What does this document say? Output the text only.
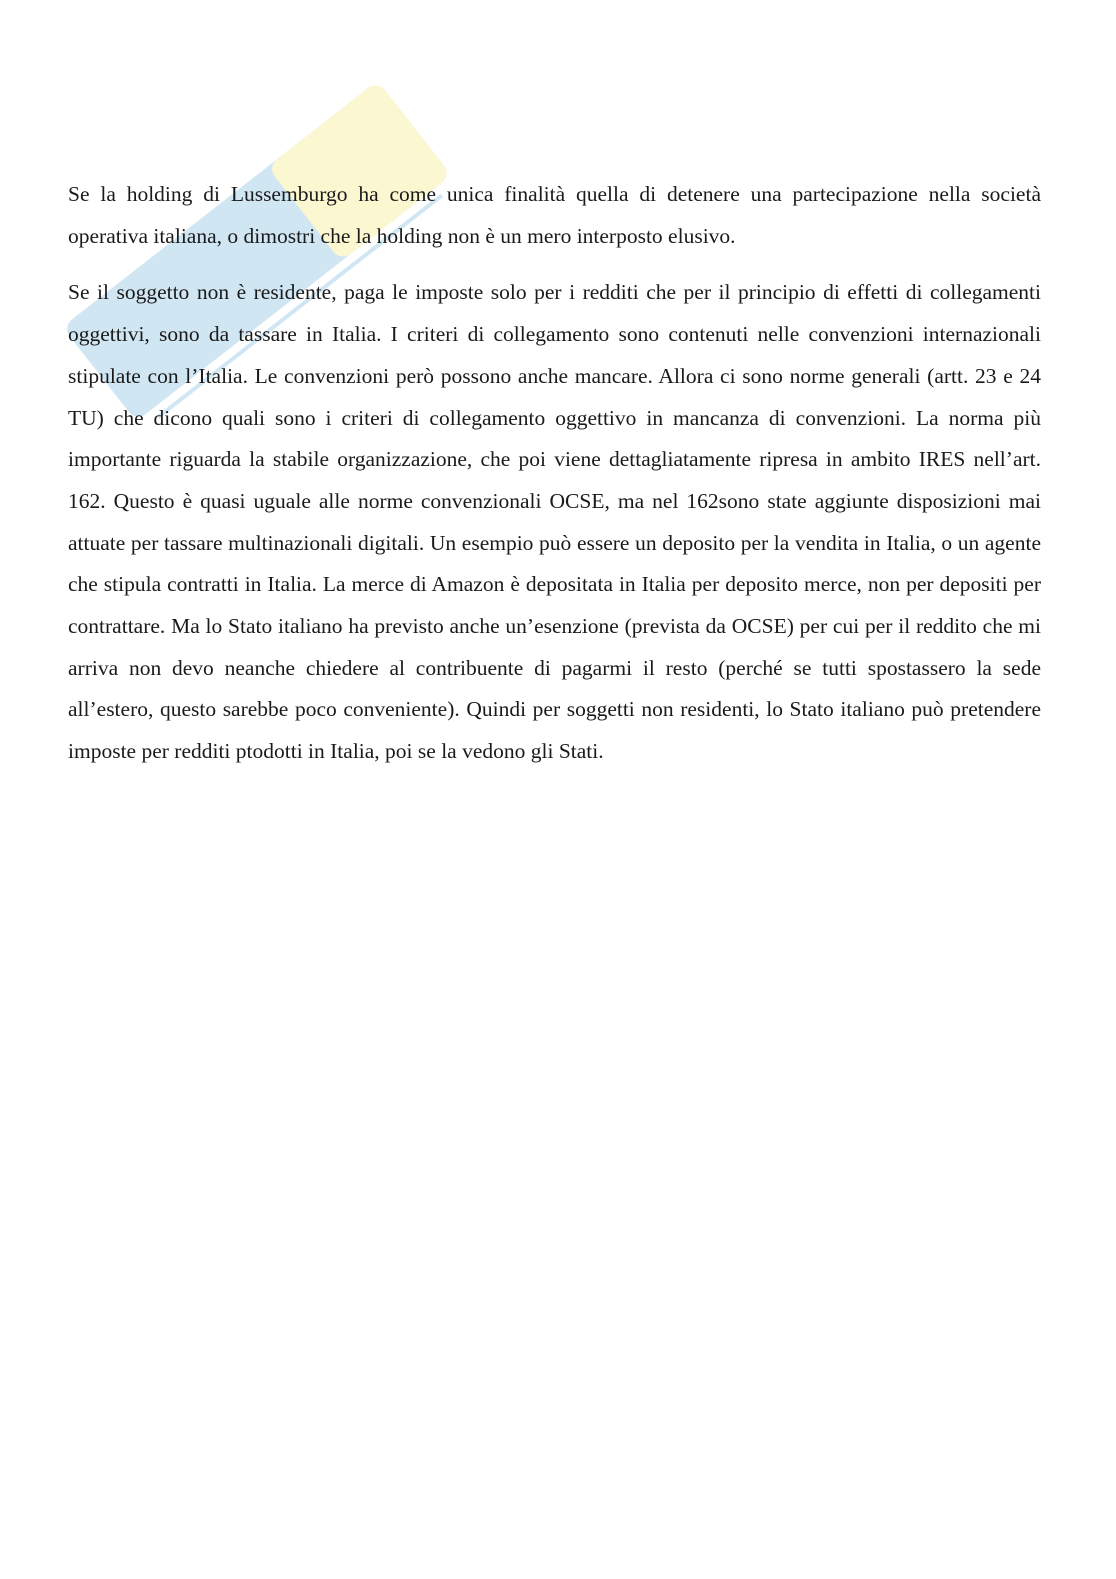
Se la holding di Lussemburgo ha come unica finalità quella di detenere una partecipazione nella società operativa italiana, o dimostri che la holding non è un mero interposto elusivo.

Se il soggetto non è residente, paga le imposte solo per i redditi che per il principio di effetti di collegamenti oggettivi, sono da tassare in Italia. I criteri di collegamento sono contenuti nelle convenzioni internazionali stipulate con l’Italia. Le convenzioni però possono anche mancare. Allora ci sono norme generali (artt. 23 e 24 TU) che dicono quali sono i criteri di collegamento oggettivo in mancanza di convenzioni. La norma più importante riguarda la stabile organizzazione, che poi viene dettagliatamente ripresa in ambito IRES nell’art. 162. Questo è quasi uguale alle norme convenzionali OCSE, ma nel 162sono state aggiunte disposizioni mai attuate per tassare multinazionali digitali. Un esempio può essere un deposito per la vendita in Italia, o un agente che stipula contratti in Italia. La merce di Amazon è depositata in Italia per deposito merce, non per depositi per contrattare. Ma lo Stato italiano ha previsto anche un’esenzione (prevista da OCSE) per cui per il reddito che mi arriva non devo neanche chiedere al contribuente di pagarmi il resto (perché se tutti spostassero la sede all’estero, questo sarebbe poco conveniente). Quindi per soggetti non residenti, lo Stato italiano può pretendere imposte per redditi ptodotti in Italia, poi se la vedono gli Stati.
